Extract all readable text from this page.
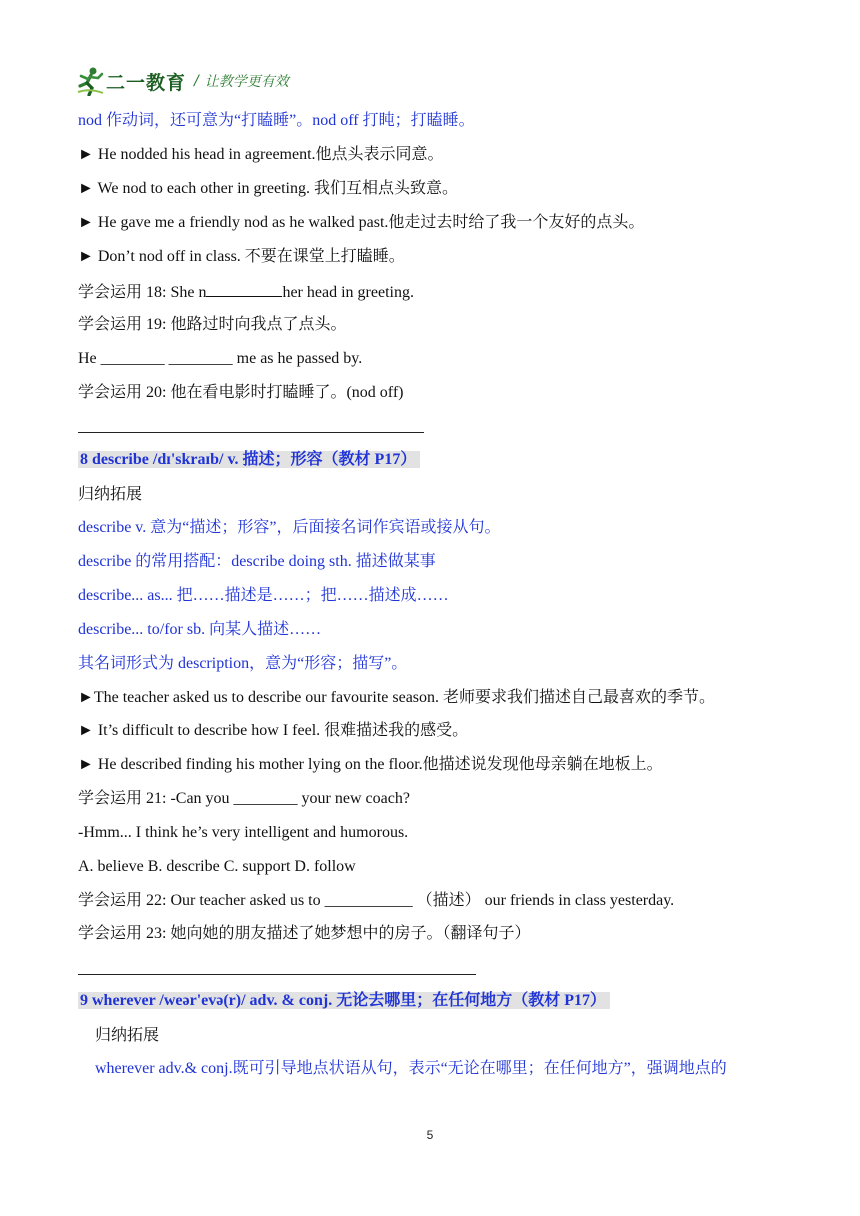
二一教育 / 让教学更有效
nod 作动词，还可意为“打瞌睡”。nod off 打盹；打瞌睡。
► He nodded his head in agreement.他点头表示同意。
► We nod to each other in greeting. 我们互相点头致意。
► He gave me a friendly nod as he walked past.他走过去时给了我一个友好的点头。
► Don’t nod off in class. 不要在课堂上打瞌睡。
学会运用 18: She n	her head in greeting.
学会运用 19: 他路过时向我点了点头。
He ________ ________ me as he passed by.
学会运用 20: 他在看电影时打瞌睡了。(nod off)
8 describe /dɪ'skraɪb/ v. 描述；形容（教材 P17）
归纳拓展
describe v. 意为“描述；形容”，后面接名词作宾语或接从句。
describe 的常用搭配：describe doing sth. 描述做某事
describe... as... 把……描述是……；把……描述成……
describe... to/for sb. 向某人描述……
其名词形式为 description，意为“形容；描写”。
►The teacher asked us to describe our favourite season. 老师要求我们描述自己最喜欢的季节。
► It’s difficult to describe how I feel. 很难描述我的感受。
► He described finding his mother lying on the floor.他描述说发现他母亲躺在地板上。
学会运用 21: -Can you ________ your new coach?
-Hmm... I think he’s very intelligent and humorous.
A. believe B. describe C. support D. follow
学会运用 22: Our teacher asked us to ___________ （描述） our friends in class yesterday.
学会运用 23: 她向她的朋友描述了她梦想中的房子。（翻译句子）
9 wherever /weər'evə(r)/ adv. & conj. 无论去哪里；在任何地方（教材 P17）
归纳拓展
wherever adv.& conj.既可引导地点状语从句，表示“无论在哪里；在任何地方”，强调地点的
5
